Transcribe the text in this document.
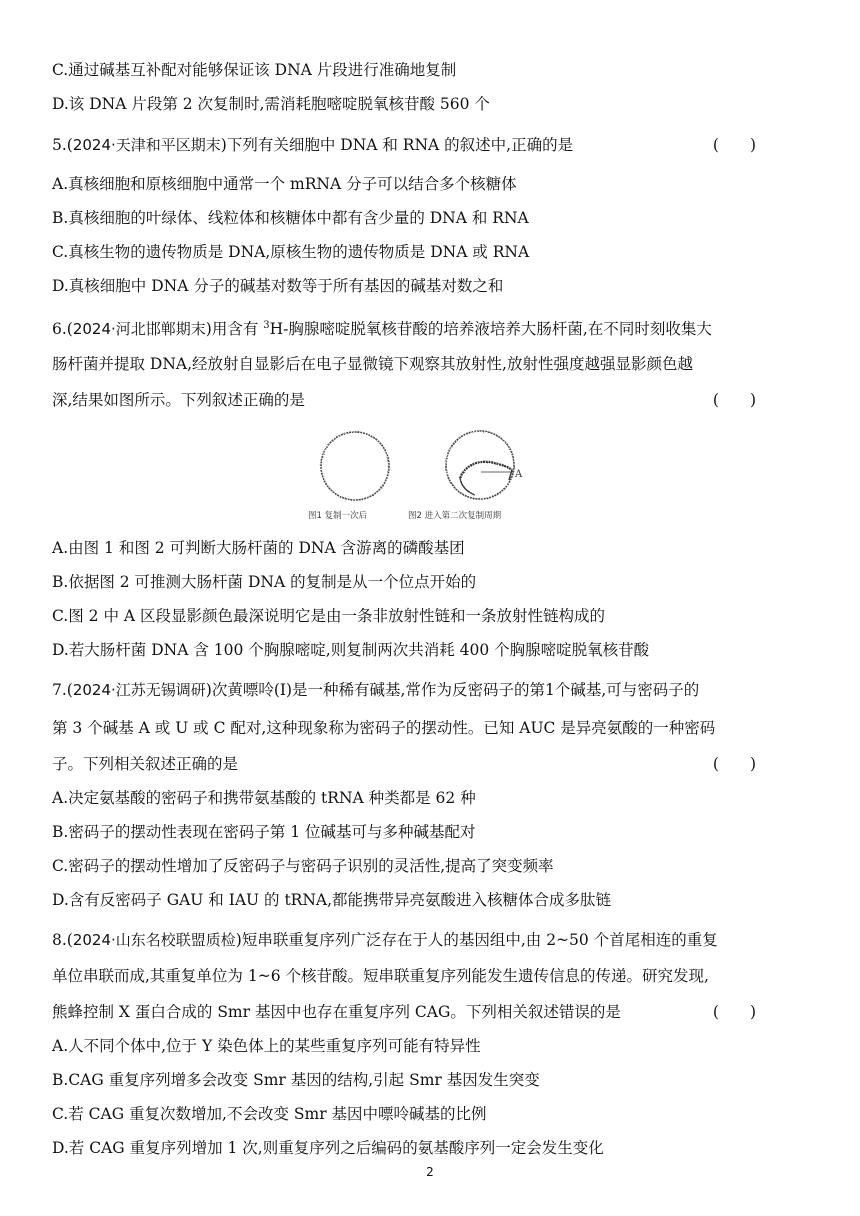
C.通过碱基互补配对能够保证该 DNA 片段进行准确地复制
D.该 DNA 片段第 2 次复制时,需消耗胞嘧啶脱氧核苷酸 560 个
5.(2024·天津和平区期末)下列有关细胞中 DNA 和 RNA 的叙述中,正确的是	(　　)
A.真核细胞和原核细胞中通常一个 mRNA 分子可以结合多个核糖体
B.真核细胞的叶绿体、线粒体和核糖体中都有含少量的 DNA 和 RNA
C.真核生物的遗传物质是 DNA,原核生物的遗传物质是 DNA 或 RNA
D.真核细胞中 DNA 分子的碱基对数等于所有基因的碱基对数之和
6.(2024·河北邯郸期末)用含有 $^3$H-胸腺嘧啶脱氧核苷酸的培养液培养大肠杆菌,在不同时刻收集大
肠杆菌并提取 DNA,经放射自显影后在电子显微镜下观察其放射性,放射性强度越强显影颜色越
深,结果如图所示。下列叙述正确的是	(　　)
A
图1 复制一次后	图2 进入第二次复制周期
A.由图 1 和图 2 可判断大肠杆菌的 DNA 含游离的磷酸基团
B.依据图 2 可推测大肠杆菌 DNA 的复制是从一个位点开始的
C.图 2 中 A 区段显影颜色最深说明它是由一条非放射性链和一条放射性链构成的
D.若大肠杆菌 DNA 含 100 个胸腺嘧啶,则复制两次共消耗 400 个胸腺嘧啶脱氧核苷酸
7.(2024·江苏无锡调研)次黄嘌呤(Ⅰ)是一种稀有碱基,常作为反密码子的第1个碱基,可与密码子的
第 3 个碱基 A 或 U 或 C 配对,这种现象称为密码子的摆动性。已知 AUC 是异亮氨酸的一种密码
子。下列相关叙述正确的是	(　　)
A.决定氨基酸的密码子和携带氨基酸的 tRNA 种类都是 62 种
B.密码子的摆动性表现在密码子第 1 位碱基可与多种碱基配对
C.密码子的摆动性增加了反密码子与密码子识别的灵活性,提高了突变频率
D.含有反密码子 GAU 和 IAU 的 tRNA,都能携带异亮氨酸进入核糖体合成多肽链
8.(2024·山东名校联盟质检)短串联重复序列广泛存在于人的基因组中,由 2~50 个首尾相连的重复
单位串联而成,其重复单位为 1~6 个核苷酸。短串联重复序列能发生遗传信息的传递。研究发现,
熊蜂控制 X 蛋白合成的 Smr 基因中也存在重复序列 CAG。下列相关叙述错误的是	(　　)
A.人不同个体中,位于 Y 染色体上的某些重复序列可能有特异性
B.CAG 重复序列增多会改变 Smr 基因的结构,引起 Smr 基因发生突变
C.若 CAG 重复次数增加,不会改变 Smr 基因中嘌呤碱基的比例
D.若 CAG 重复序列增加 1 次,则重复序列之后编码的氨基酸序列一定会发生变化
2
